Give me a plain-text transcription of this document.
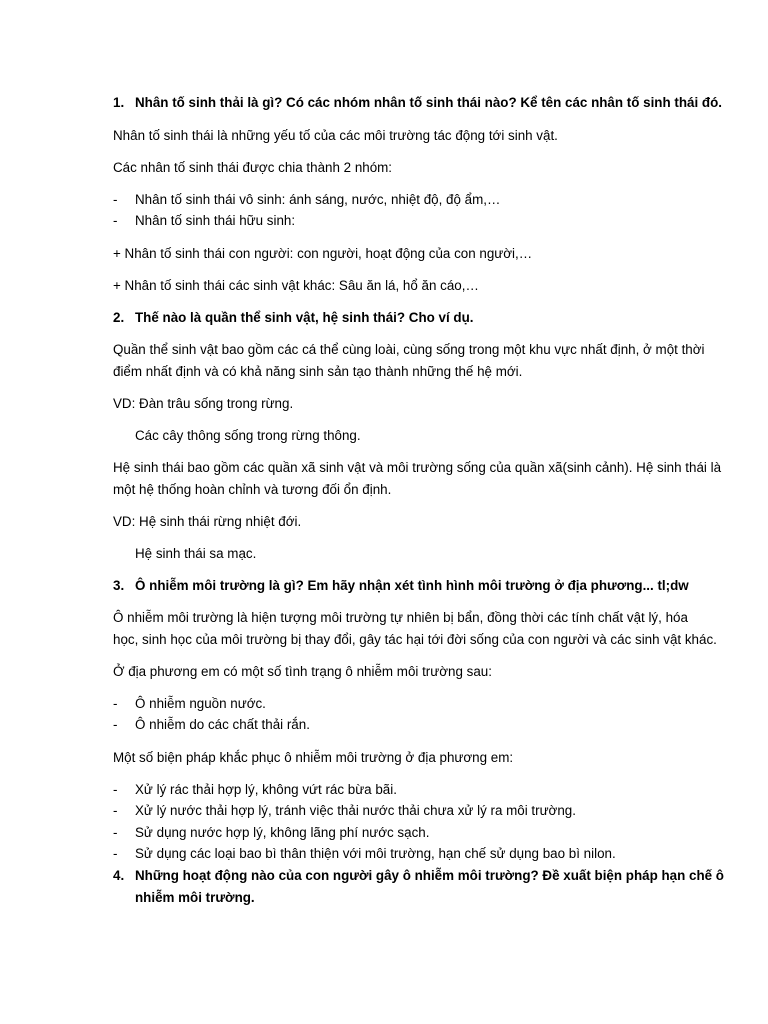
1. Nhân tố sinh thải là gì? Có các nhóm nhân tố sinh thái nào? Kể tên các nhân tố sinh thái đó.
Nhân tố sinh thái là những yếu tố của các môi trường tác động tới sinh vật.
Các nhân tố sinh thái được chia thành 2 nhóm:
- Nhân tố sinh thái vô sinh: ánh sáng, nước, nhiệt độ, độ ẩm,…
- Nhân tố sinh thái hữu sinh:
+ Nhân tố sinh thái con người: con người, hoạt động của con người,…
+ Nhân tố sinh thái các sinh vật khác: Sâu ăn lá, hổ ăn cáo,…
2. Thế nào là quần thể sinh vật, hệ sinh thái? Cho ví dụ.
Quần thể sinh vật bao gồm các cá thể cùng loài, cùng sống trong một khu vực nhất định, ở một thời
điểm nhất định và có khả năng sinh sản tạo thành những thế hệ mới.
VD: Đàn trâu sống trong rừng.
Các cây thông sống trong rừng thông.
Hệ sinh thái bao gồm các quần xã sinh vật và môi trường sống của quần xã(sinh cảnh). Hệ sinh thái là
một hệ thống hoàn chỉnh và tương đối ổn định.
VD: Hệ sinh thái rừng nhiệt đới.
Hệ sinh thái sa mạc.
3. Ô nhiễm môi trường là gì? Em hãy nhận xét tình hình môi trường ở địa phương... tl;dw
Ô nhiễm môi trường là hiện tượng môi trường tự nhiên bị bẩn, đồng thời các tính chất vật lý, hóa
học, sinh học của môi trường bị thay đổi, gây tác hại tới đời sống của con người và các sinh vật khác.
Ở địa phương em có một số tình trạng ô nhiễm môi trường sau:
- Ô nhiễm nguồn nước.
- Ô nhiễm do các chất thải rắn.
Một số biện pháp khắc phục ô nhiễm môi trường ở địa phương em:
- Xử lý rác thải hợp lý, không vứt rác bừa bãi.
- Xử lý nước thải hợp lý, tránh việc thải nước thải chưa xử lý ra môi trường.
- Sử dụng nước hợp lý, không lãng phí nước sạch.
- Sử dụng các loại bao bì thân thiện với môi trường, hạn chế sử dụng bao bì nilon.
4. Những hoạt động nào của con người gây ô nhiễm môi trường? Đề xuất biện pháp hạn chế ô
nhiễm môi trường.
